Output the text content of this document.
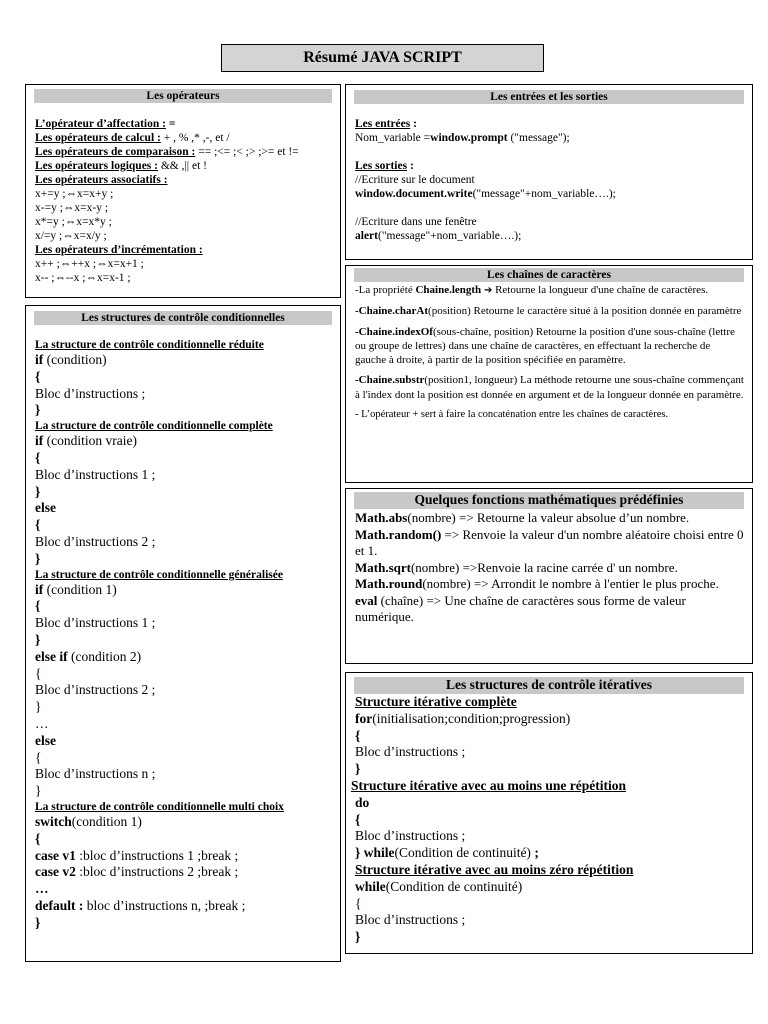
Résumé JAVA SCRIPT
Les opérateurs

L’opérateur d’affectation : =

Les opérateurs de calcul : + , % ,* ,-, et /

Les opérateurs de comparaison : == ;<= ;< ;> ;>= et !=

Les opérateurs logiques : && ,|| et !

Les opérateurs associatifs :

x+=y ;⇔x=x+y ;

x-=y ;⇔x=x-y ;

x*=y ;⇔x=x*y ;

x/=y ;⇔x=x/y ;

Les opérateurs d’incrémentation :

x++ ;⇔++x ;⇔x=x+1 ;

x-- ;⇔--x ;⇔x=x-1 ;

Les structures de contrôle conditionnelles

La structure de contrôle conditionnelle réduite

if (condition)

{

Bloc d’instructions ;

}

La structure de contrôle conditionnelle complète

if (condition vraie)

{

Bloc d’instructions 1 ;

}

else

{

Bloc d’instructions 2 ;

}

La structure de contrôle conditionnelle généralisée

if (condition 1)

{

Bloc d’instructions 1 ;

}

else if (condition 2)

{

Bloc d’instructions 2 ;

}

…

else

{

Bloc d’instructions n ;

}

La structure de contrôle conditionnelle multi choix

switch(condition 1)

{

case v1 :bloc d’instructions 1 ;break ;

case v2 :bloc d’instructions 2 ;break ;

…

default : bloc d’instructions n, ;break ;

}

Les entrées et les sorties

Les entrées :

Nom_variable =window.prompt ("message");

Les sorties :

//Ecriture sur le document

window.document.write("message"+nom_variable….);

//Ecriture dans une fenêtre

alert("message"+nom_variable….);

Les chaînes de caractères

-La propriété Chaine.length ➔ Retourne la longueur d'une chaîne de caractères.

-Chaine.charAt(position) Retourne le caractère situé à la position donnée en paramètre

-Chaine.indexOf(sous-chaîne, position) Retourne la position d'une sous-chaîne (lettre ou groupe de lettres) dans une chaîne de caractères, en effectuant la recherche de gauche à droite, à partir de la position spécifiée en paramètre.

-Chaine.substr(position1, longueur) La méthode retourne une sous-chaîne commençant à l'index dont la position est donnée en argument et de la longueur donnée en paramètre.

- L’opérateur + sert à faire la concaténation entre les chaînes de caractères.

Quelques fonctions mathématiques prédéfinies

Math.abs(nombre) => Retourne la valeur absolue d’un nombre.

Math.random() => Renvoie la valeur d'un nombre aléatoire choisi entre 0 et 1.

Math.sqrt(nombre) =>Renvoie la racine carrée d' un nombre.

Math.round(nombre) => Arrondit le nombre à l'entier le plus proche.

eval (chaîne) => Une chaîne de caractères sous forme de valeur numérique.

Les structures de contrôle itératives

Structure itérative complète

for(initialisation;condition;progression)

{

Bloc d’instructions ;

}

Structure itérative avec au moins une répétition

do

{

Bloc d’instructions ;

} while(Condition de continuité) ;

Structure itérative avec au moins zéro répétition

while(Condition de continuité)

{

Bloc d’instructions ;

}
